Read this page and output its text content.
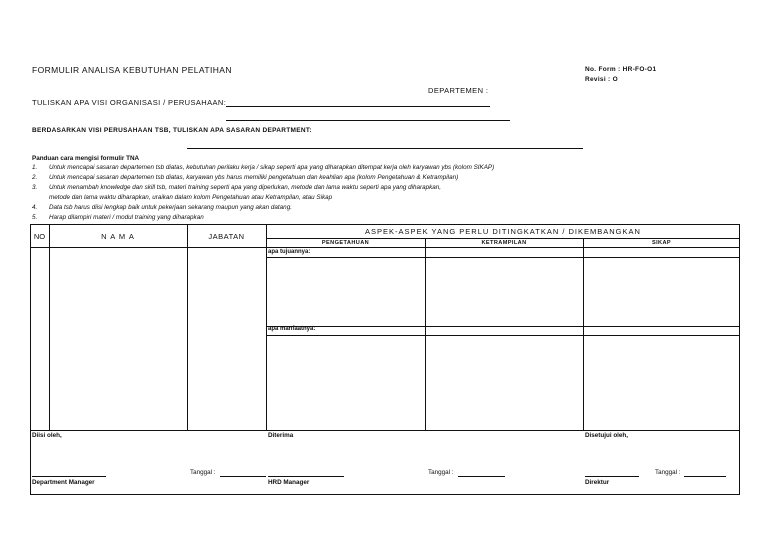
FORMULIR ANALISA KEBUTUHAN PELATIHAN	No. Form : HR-FO-O1
Revisi : O
DEPARTEMEN :
TULISKAN APA VISI ORGANISASI / PERUSAHAAN:
BERDASARKAN VISI PERUSAHAAN TSB, TULISKAN APA SASARAN DEPARTMENT:
Panduan cara mengisi formulir TNA
1. Untuk mencapai sasaran departemen tsb diatas, kebutuhan perilaku kerja / sikap seperti apa yang diharapkan ditempat kerja oleh karyawan ybs (kolom SIKAP)
2. Untuk mencapai sasaran departemen tsb diatas, karyawan ybs harus memiliki pengetahuan dan keahlian apa (kolom Pengetahuan & Ketrampilan)
3. Untuk menambah knowledge dan skill tsb, materi training seperti apa yang diperlukan, metode dan lama waktu seperti apa yang diharapkan,
metode dan lama waktu diharapkan, uraikan dalam kolom Pengetahuan atau Ketrampilan, atau Sikap
4. Data tsb harus diisi lengkap baik untuk pekerjaan sekarang maupun yang akan datang.
5. Harap dilampiri materi / modul training yang diharapkan
NO	N A M A	JABATAN
ASPEK-ASPEK YANG PERLU DITINGKATKAN / DIKEMBANGKAN
PENGETAHUAN	KETRAMPILAN	SIKAP
apa tujuannya:
apa manfaatnya:
Diisi oleh,	Diterima	Disetujui oleh,
Tanggal :	Tanggal :	Tanggal :
Department Manager	HRD Manager	Direktur
